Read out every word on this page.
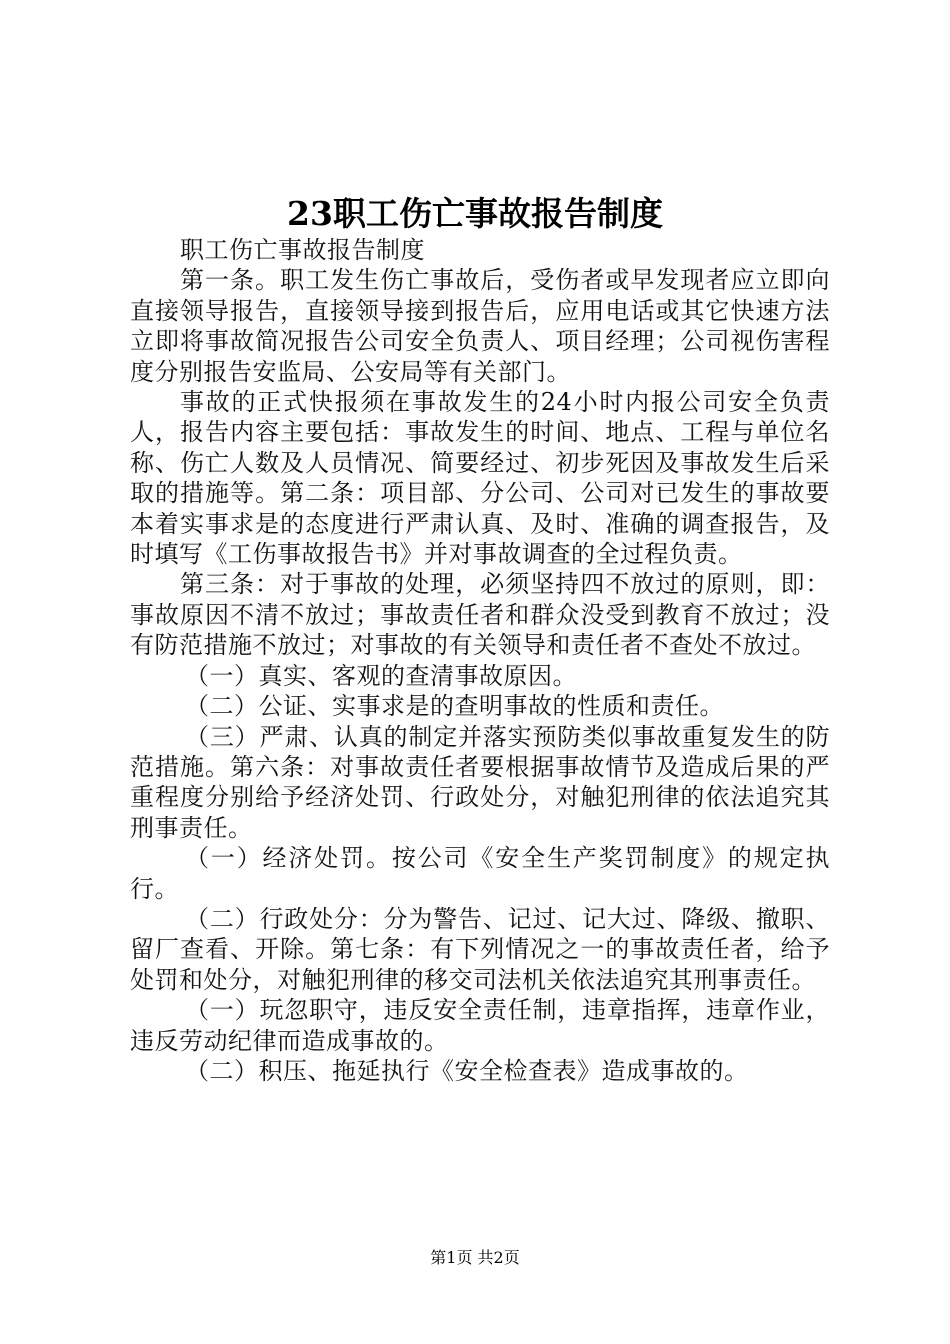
23职工伤亡事故报告制度

职工伤亡事故报告制度

第一条。职工发生伤亡事故后，受伤者或早发现者应立即向直接领导报告，直接领导接到报告后，应用电话或其它快速方法立即将事故简况报告公司安全负责人、项目经理；公司视伤害程度分别报告安监局、公安局等有关部门。

事故的正式快报须在事故发生的24小时内报公司安全负责人，报告内容主要包括：事故发生的时间、地点、工程与单位名称、伤亡人数及人员情况、简要经过、初步死因及事故发生后采取的措施等。第二条：项目部、分公司、公司对已发生的事故要本着实事求是的态度进行严肃认真、及时、准确的调查报告，及时填写《工伤事故报告书》并对事故调查的全过程负责。

第三条：对于事故的处理，必须坚持四不放过的原则，即：事故原因不清不放过；事故责任者和群众没受到教育不放过；没有防范措施不放过；对事故的有关领导和责任者不查处不放过。

（一）真实、客观的查清事故原因。

（二）公证、实事求是的查明事故的性质和责任。

（三）严肃、认真的制定并落实预防类似事故重复发生的防范措施。第六条：对事故责任者要根据事故情节及造成后果的严重程度分别给予经济处罚、行政处分，对触犯刑律的依法追究其刑事责任。

（一）经济处罚。按公司《安全生产奖罚制度》的规定执行。

（二）行政处分：分为警告、记过、记大过、降级、撤职、留厂查看、开除。第七条：有下列情况之一的事故责任者，给予处罚和处分，对触犯刑律的移交司法机关依法追究其刑事责任。

（一）玩忽职守，违反安全责任制，违章指挥，违章作业，违反劳动纪律而造成事故的。

（二）积压、拖延执行《安全检查表》造成事故的。

第1页 共2页
